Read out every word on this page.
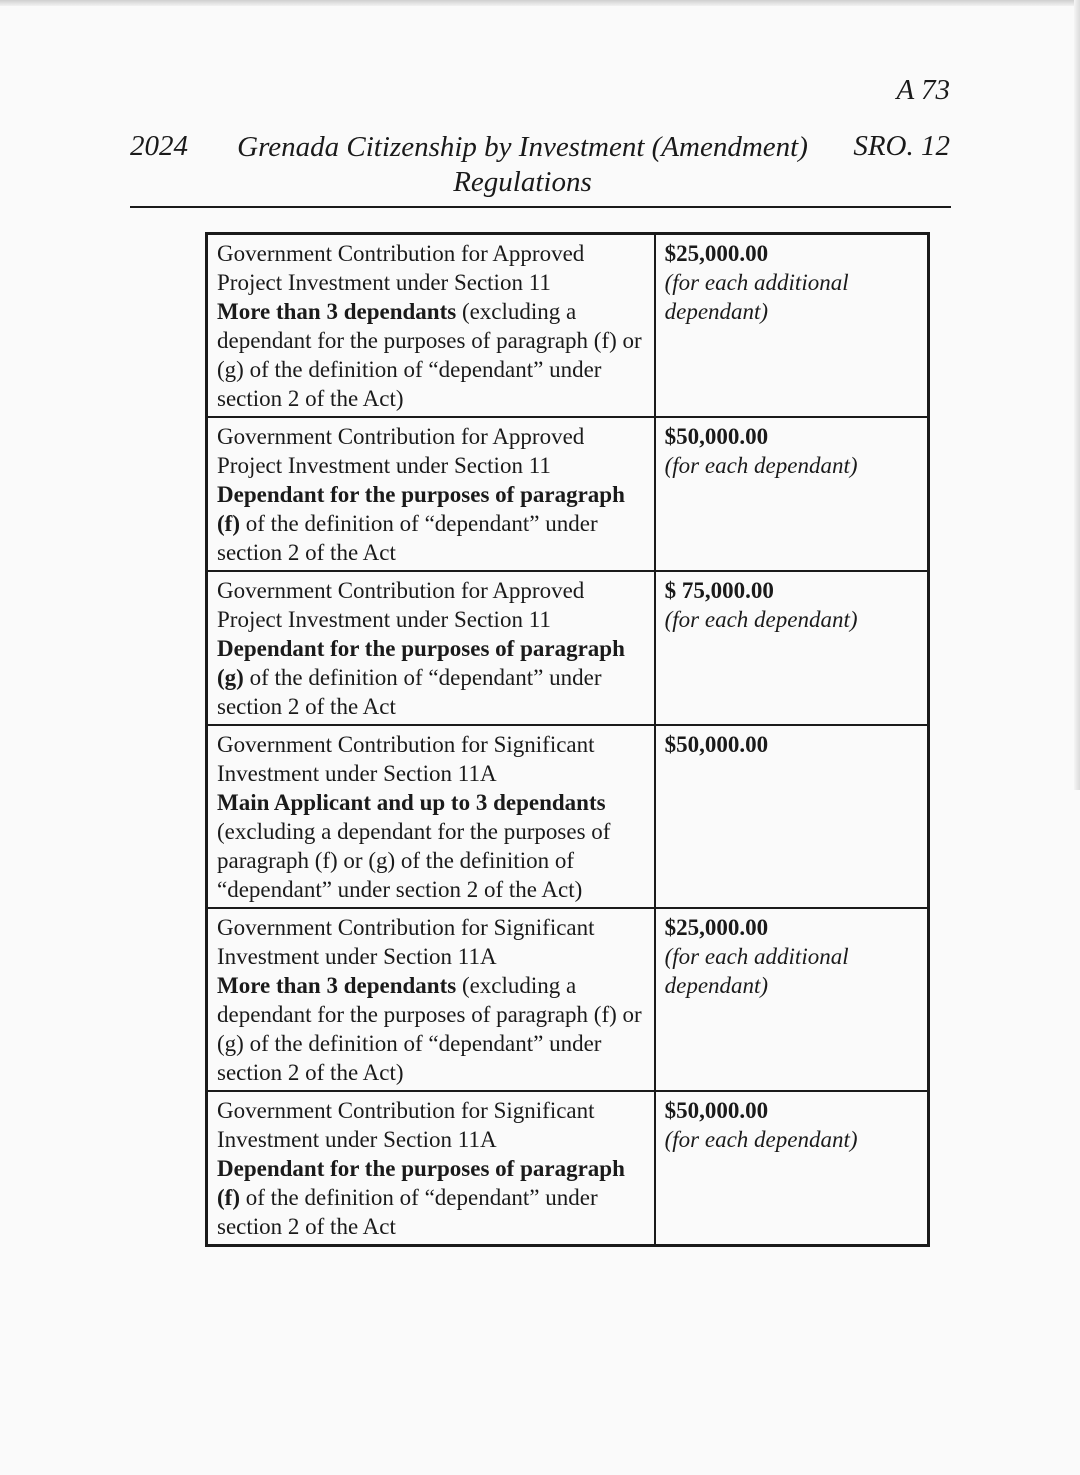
A 73
2024 Grenada Citizenship by Investment (Amendment)
Regulations
SRO. 12
Government Contribution for Approved
Project Investment under Section 11
More than 3 dependants (excluding a dependant for the purposes of paragraph (f) or (g) of the definition of “dependant” under section 2 of the Act)	$25,000.00
(for each additional dependant)

Government Contribution for Approved
Project Investment under Section 11
Dependant for the purposes of paragraph (f) of the definition of “dependant” under section 2 of the Act	$50,000.00
(for each dependant)

Government Contribution for Approved
Project Investment under Section 11
Dependant for the purposes of paragraph (g) of the definition of “dependant” under section 2 of the Act	$ 75,000.00
(for each dependant)

Government Contribution for Significant
Investment under Section 11A
Main Applicant and up to 3 dependants (excluding a dependant for the purposes of paragraph (f) or (g) of the definition of “dependant” under section 2 of the Act)	$50,000.00

Government Contribution for Significant
Investment under Section 11A
More than 3 dependants (excluding a dependant for the purposes of paragraph (f) or (g) of the definition of “dependant” under section 2 of the Act)	$25,000.00
(for each additional dependant)

Government Contribution for Significant
Investment under Section 11A
Dependant for the purposes of paragraph (f) of the definition of “dependant” under section 2 of the Act	$50,000.00
(for each dependant)
